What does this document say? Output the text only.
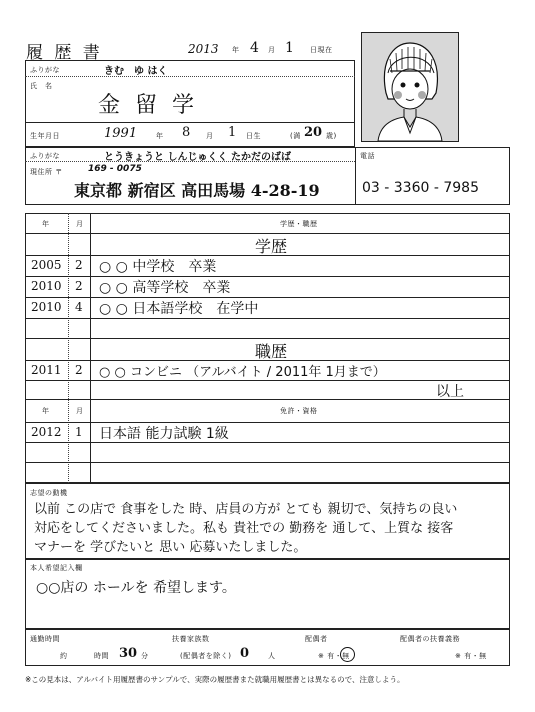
履 歴 書	2013 年 4 月 1 日現在
ふりがな	きむ　ゆ はく
氏　名
金 留 学
生年月日	1991	年 8 月 1 日生	(満 20 歳)
ふりがな	とうきょうと しんじゅくく たかだのばば
現住所 〒	169 - 0075
東京都 新宿区 高田馬場 4-28-19
電話
03 - 3360 - 7985
年	月	学歴・職歴
学歴
2005 2 ○ ○ 中学校　卒業
2010 2 ○ ○ 高等学校　卒業
2010 4 ○ ○ 日本語学校　在学中
職歴
2011 2 ○ ○ コンビニ （アルバイト / 2011年 1月まで）
以上
年	月	免許・資格
2012 1 日本語 能力試験 1級
志望の動機
以前 この店で 食事をした 時、店員の方が とても 親切で、気持ちの良い
対応をしてくださいました。私も 貴社での 勤務を 通して、上質な 接客
マナーを 学びたいと 思い 応募いたしました。
本人希望記入欄
○○店の ホールを 希望します。
通勤時間
約	時間 30 分
扶養家族数
(配偶者を除く) 0	人
配偶者
※ 有・無
配偶者の扶養義務
※ 有・無
※この見本は、アルバイト用履歴書のサンプルで、実際の履歴書また就職用履歴書とは異なるので、注意しよう。
